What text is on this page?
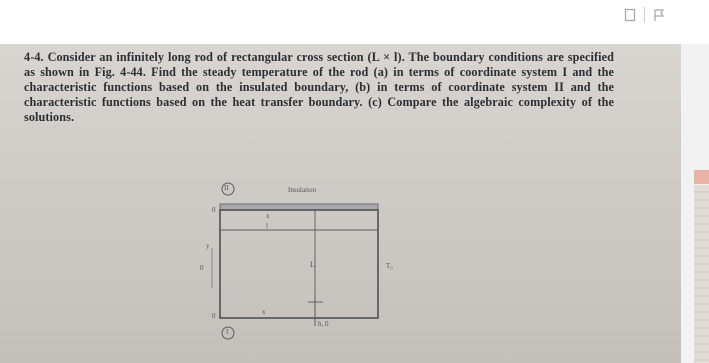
4-4. Consider an infinitely long rod of rectangular cross section (L × l). The boundary conditions are specified as shown in Fig. 4-44. Find the steady temperature of the rod (a) in terms of coordinate system I and the characteristic functions based on the insulated boundary, (b) in terms of coordinate system II and the characteristic functions based on the heat transfer boundary. (c) Compare the algebraic complexity of the solutions.
Insulation
II
I
l
L	T₀
h, 0
0
0
x
x
y
0
